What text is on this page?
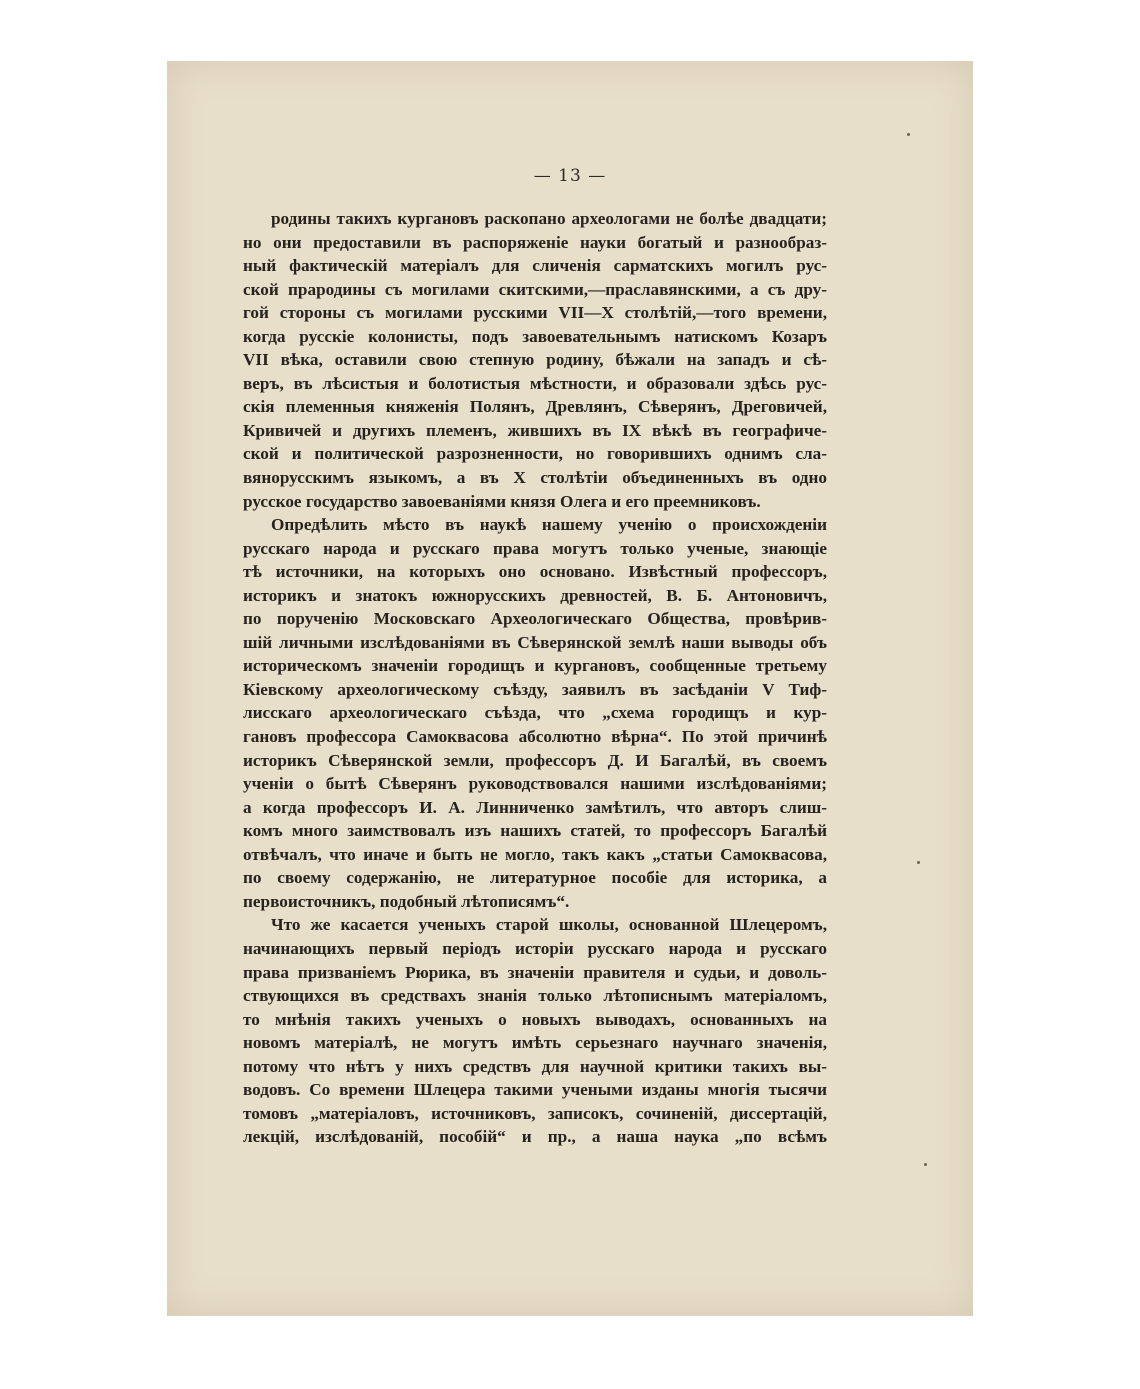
— 13 —
родины такихъ кургановъ раскопано археологами не болѣе двадцати;
но они предоставили въ распоряженіе науки богатый и разнообраз-
ный фактическій матеріалъ для сличенія сарматскихъ могилъ рус-
ской прародины съ могилами скитскими,—праславянскими, а съ дру-
гой стороны съ могилами русскими VII—X столѣтій,—того времени,
когда русскіе колонисты, подъ завоевательнымъ натискомъ Козаръ
VII вѣка, оставили свою степную родину, бѣжали на западъ и сѣ-
веръ, въ лѣсистыя и болотистыя мѣстности, и образовали здѣсь рус-
скія племенныя княженія Полянъ, Древлянъ, Сѣверянъ, Дреговичей,
Кривичей и другихъ племенъ, жившихъ въ IX вѣкѣ въ географиче-
ской и политической разрозненности, но говорившихъ однимъ сла-
вянорусскимъ языкомъ, а въ X столѣтіи объединенныхъ въ одно
русское государство завоеваніями князя Олега и его преемниковъ.
Опредѣлить мѣсто въ наукѣ нашему ученію о происхожденіи
русскаго народа и русскаго права могутъ только ученые, знающіе
тѣ источники, на которыхъ оно основано. Извѣстный профессоръ,
историкъ и знатокъ южнорусскихъ древностей, В. Б. Антоновичъ,
по порученію Московскаго Археологическаго Общества, провѣрив-
шій личными изслѣдованіями въ Сѣверянской землѣ наши выводы объ
историческомъ значеніи городищъ и кургановъ, сообщенные третьему
Кіевскому археологическому съѣзду, заявилъ въ засѣданіи V Тиф-
лисскаго археологическаго съѣзда, что „схема городищъ и кур-
гановъ профессора Самоквасова абсолютно вѣрна“. По этой причинѣ
историкъ Сѣверянской земли, профессоръ Д. И Багалѣй, въ своемъ
ученіи о бытѣ Сѣверянъ руководствовался нашими изслѣдованіями;
а когда профессоръ И. А. Линниченко замѣтилъ, что авторъ слиш-
комъ много заимствовалъ изъ нашихъ статей, то профессоръ Багалѣй
отвѣчалъ, что иначе и быть не могло, такъ какъ „статьи Самоквасова,
по своему содержанію, не литературное пособіе для историка, а
первоисточникъ, подобный лѣтописямъ“.
Что же касается ученыхъ старой школы, основанной Шлецеромъ,
начинающихъ первый періодъ исторіи русскаго народа и русскаго
права призваніемъ Рюрика, въ значеніи правителя и судьи, и доволь-
ствующихся въ средствахъ знанія только лѣтописнымъ матеріаломъ,
то мнѣнія такихъ ученыхъ о новыхъ выводахъ, основанныхъ на
новомъ матеріалѣ, не могутъ имѣть серьезнаго научнаго значенія,
потому что нѣтъ у нихъ средствъ для научной критики такихъ вы-
водовъ. Со времени Шлецера такими учеными изданы многія тысячи
томовъ „матеріаловъ, источниковъ, записокъ, сочиненій, диссертацій,
лекцій, изслѣдованій, пособій“ и пр., а наша наука „по всѣмъ
